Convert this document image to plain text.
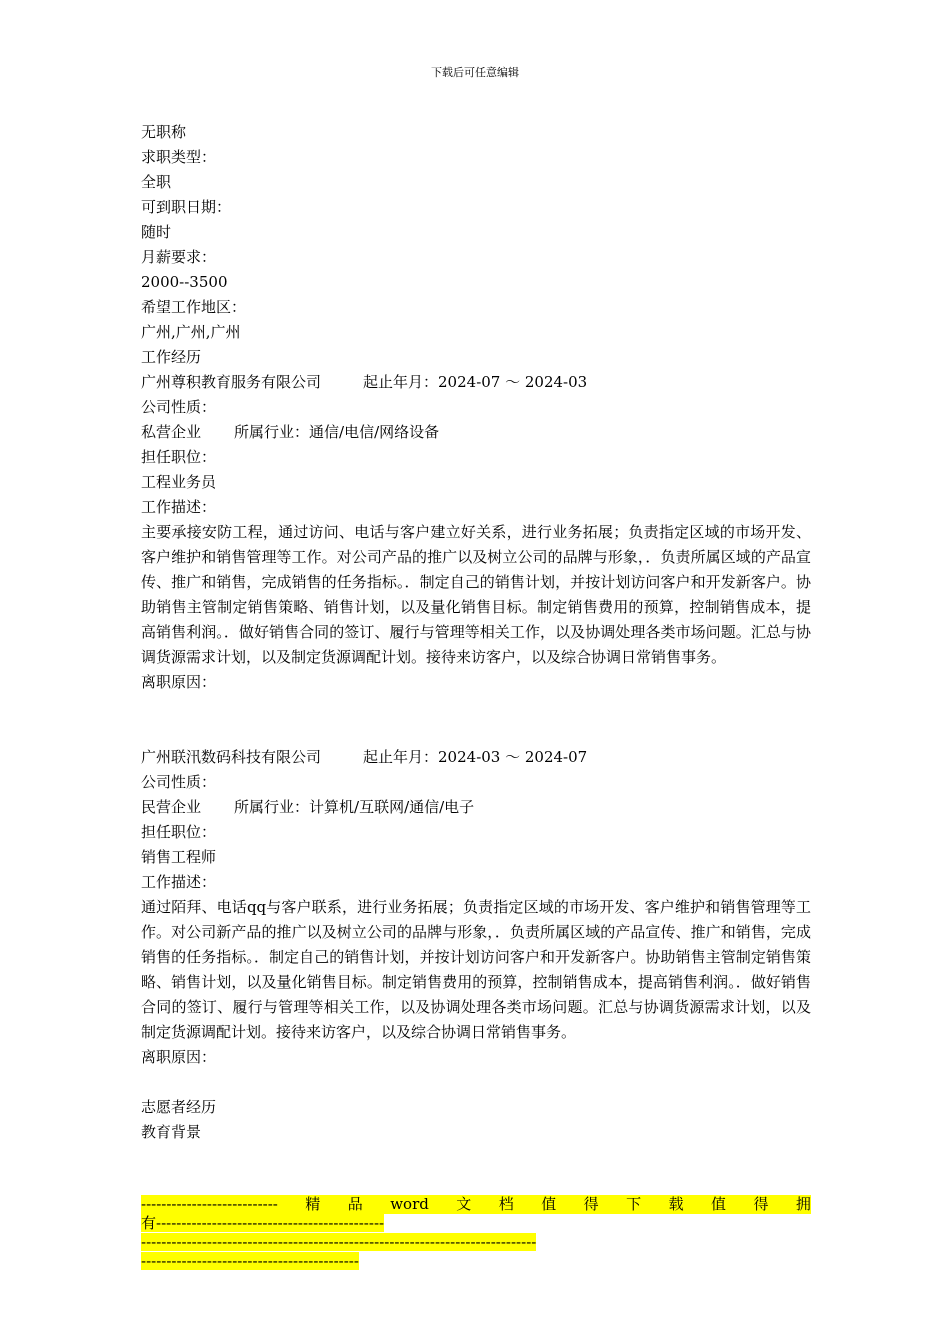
下载后可任意编辑
无职称
求职类型：
全职
可到职日期：
随时
月薪要求：
2000--3500
希望工作地区：
广州,广州,广州
工作经历
广州尊积教育服务有限公司	起止年月：2024-07 ～ 2024-03
公司性质：
私营企业 所属行业：通信/电信/网络设备
担任职位：
工程业务员
工作描述：
主要承接安防工程，通过访问、电话与客户建立好关系，进行业务拓展；负责指定区域的市场开发、客户维护和销售管理等工作。对公司产品的推广以及树立公司的品牌与形象，．负责所属区域的产品宣传、推广和销售，完成销售的任务指标。．制定自己的销售计划，并按计划访问客户和开发新客户。协助销售主管制定销售策略、销售计划，以及量化销售目标。制定销售费用的预算，控制销售成本，提高销售利润。．做好销售合同的签订、履行与管理等相关工作，以及协调处理各类市场问题。汇总与协调货源需求计划，以及制定货源调配计划。接待来访客户，以及综合协调日常销售事务。
离职原因：
广州联汛数码科技有限公司	起止年月：2024-03 ～ 2024-07
公司性质：
民营企业 所属行业：计算机/互联网/通信/电子
担任职位：
销售工程师
工作描述：
通过陌拜、电话qq与客户联系，进行业务拓展；负责指定区域的市场开发、客户维护和销售管理等工作。对公司新产品的推广以及树立公司的品牌与形象，．负责所属区域的产品宣传、推广和销售，完成销售的任务指标。．制定自己的销售计划，并按计划访问客户和开发新客户。协助销售主管制定销售策略、销售计划，以及量化销售目标。制定销售费用的预算，控制销售成本，提高销售利润。．做好销售合同的签订、履行与管理等相关工作，以及协调处理各类市场问题。汇总与协调货源需求计划，以及制定货源调配计划。接待来访客户，以及综合协调日常销售事务。
离职原因：
志愿者经历
教育背景
--------------------------- 精 品 word 文 档 值 得 下 载 值 得 拥
有---------------------------------------------
------------------------------------------------------------------------------
-------------------------------------------
